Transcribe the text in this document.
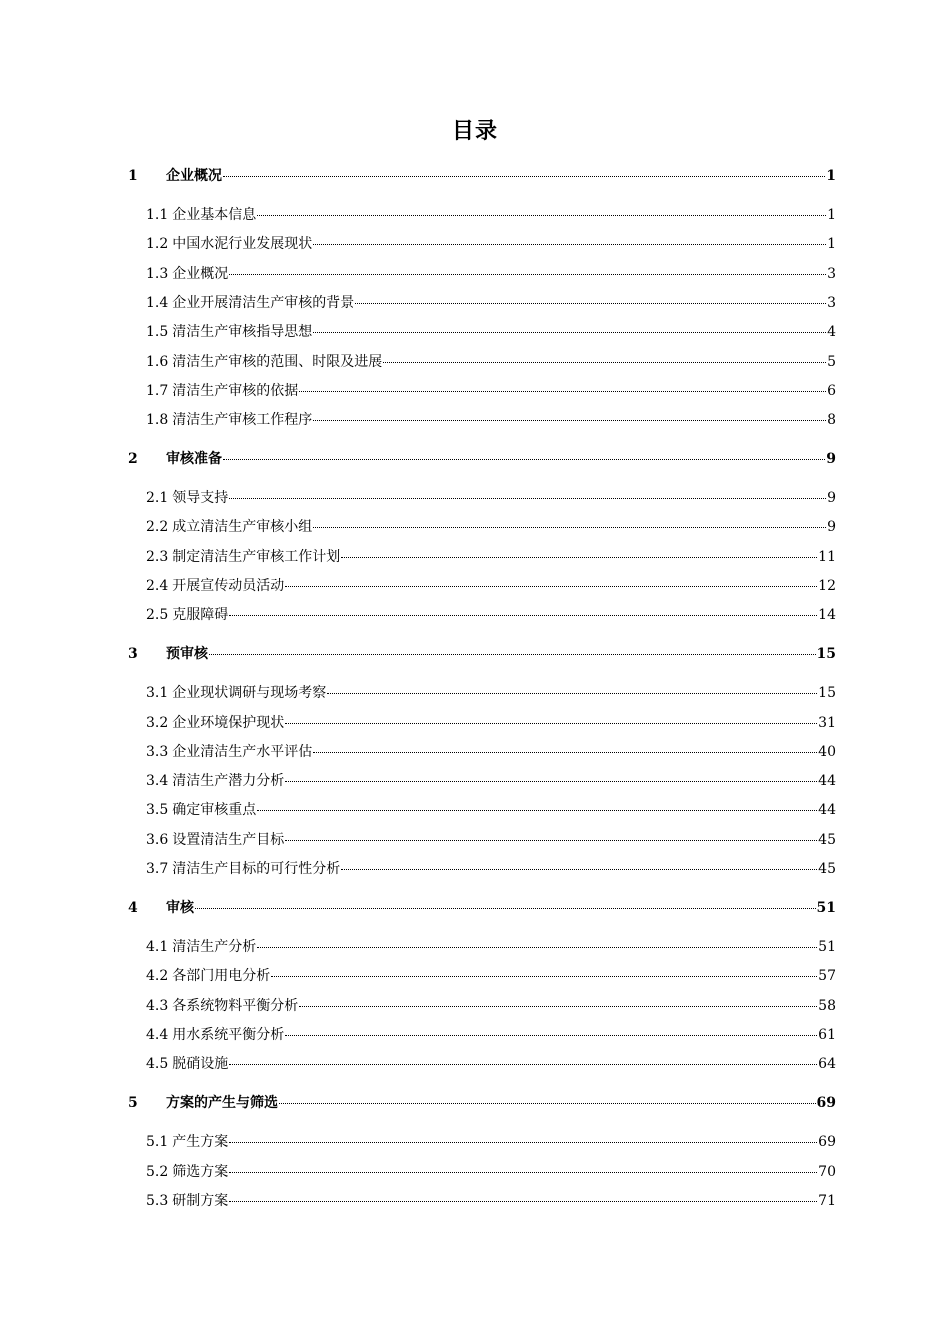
目录
1	企业概况	1
1.1 企业基本信息	1
1.2 中国水泥行业发展现状	1
1.3 企业概况	3
1.4 企业开展清洁生产审核的背景	3
1.5 清洁生产审核指导思想	4
1.6 清洁生产审核的范围、时限及进展	5
1.7 清洁生产审核的依据	6
1.8 清洁生产审核工作程序	8
2	审核准备	9
2.1 领导支持	9
2.2 成立清洁生产审核小组	9
2.3 制定清洁生产审核工作计划	11
2.4 开展宣传动员活动	12
2.5 克服障碍	14
3	预审核	15
3.1 企业现状调研与现场考察	15
3.2 企业环境保护现状	31
3.3 企业清洁生产水平评估	40
3.4 清洁生产潜力分析	44
3.5 确定审核重点	44
3.6 设置清洁生产目标	45
3.7 清洁生产目标的可行性分析	45
4	审核	51
4.1 清洁生产分析	51
4.2 各部门用电分析	57
4.3 各系统物料平衡分析	58
4.4 用水系统平衡分析	61
4.5 脱硝设施	64
5	方案的产生与筛选	69
5.1 产生方案	69
5.2 筛选方案	70
5.3 研制方案	71
